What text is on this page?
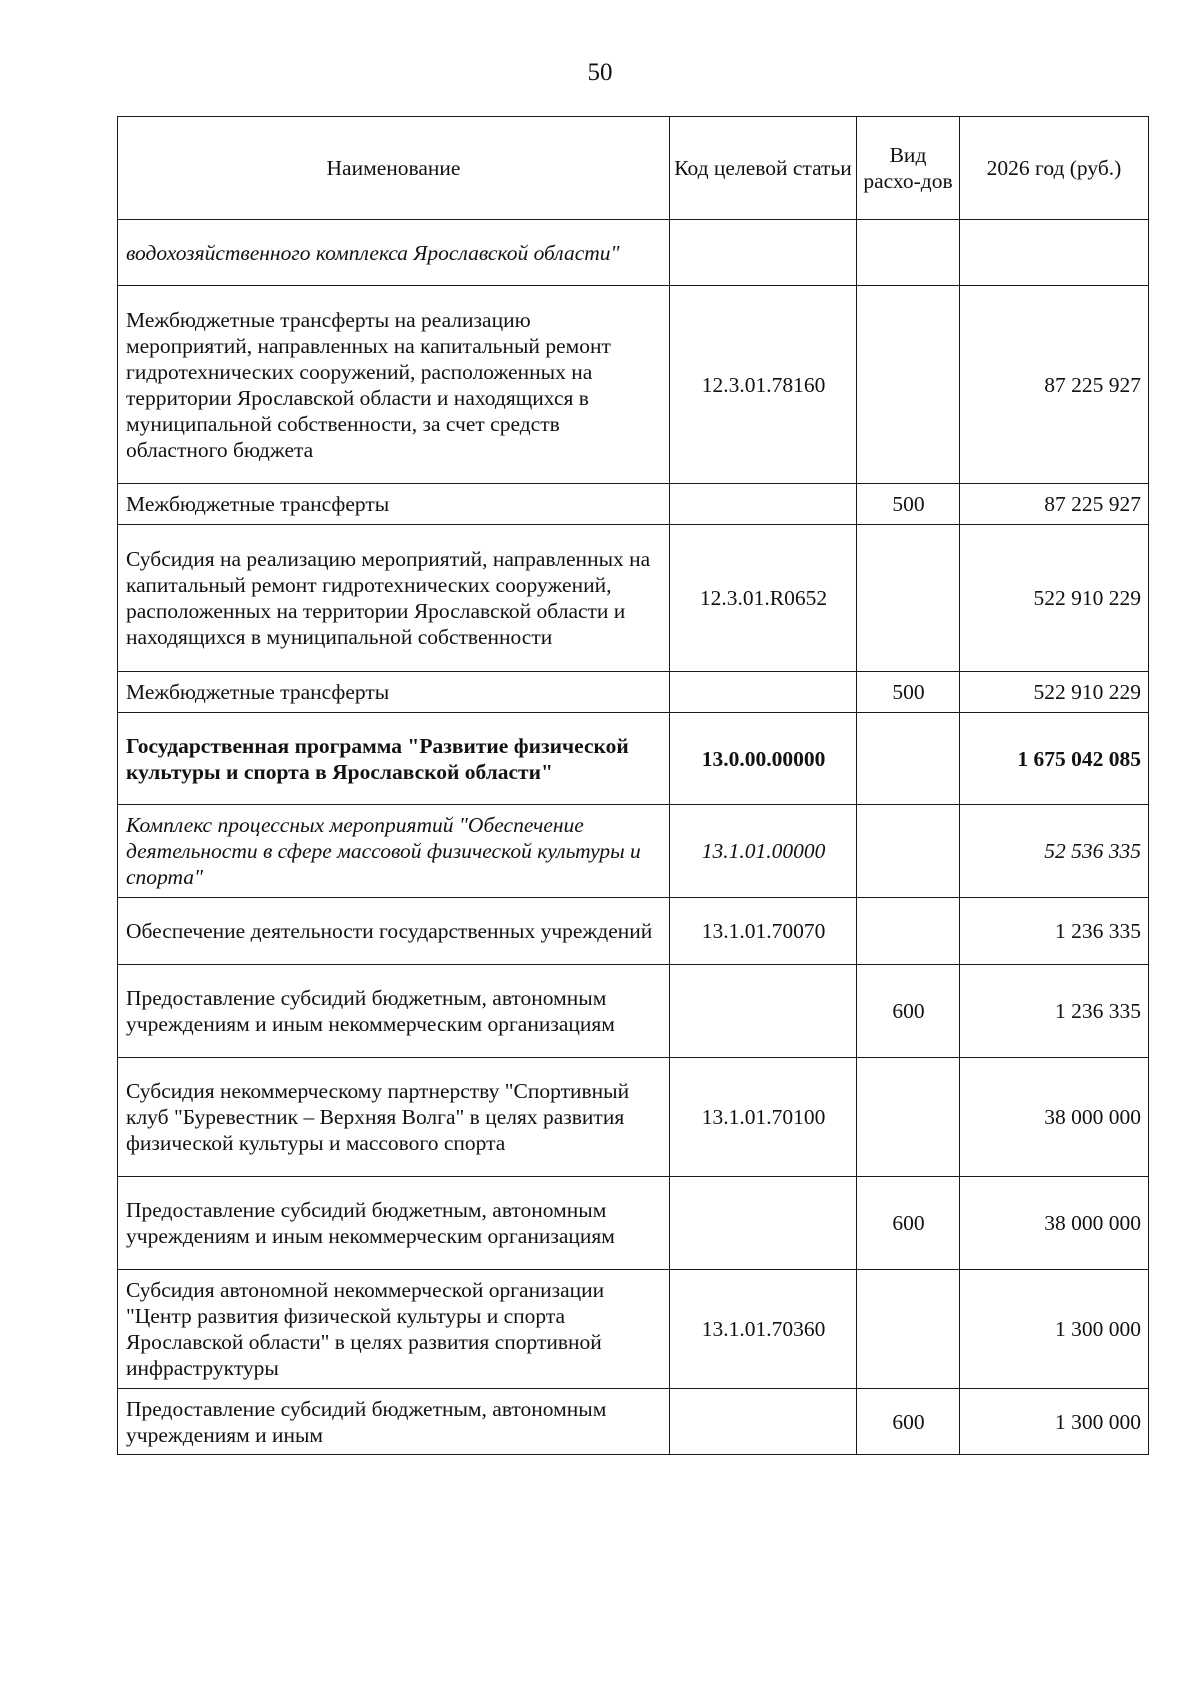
50
Наименование	Код целевой статьи	Вид расхо-дов	2026 год (руб.)
водохозяйственного комплекса Ярославской области"			
Межбюджетные трансферты на реализацию мероприятий, направленных на капитальный ремонт гидротехнических сооружений, расположенных на территории Ярославской области и находящихся в муниципальной собственности, за счет средств областного бюджета	12.3.01.78160		87 225 927
Межбюджетные трансферты		500	87 225 927
Субсидия на реализацию мероприятий, направленных на капитальный ремонт гидротехнических сооружений, расположенных на территории Ярославской области и находящихся в муниципальной собственности	12.3.01.R0652		522 910 229
Межбюджетные трансферты		500	522 910 229
Государственная программа "Развитие физической культуры и спорта в Ярославской области"	13.0.00.00000		1 675 042 085
Комплекс процессных мероприятий "Обеспечение деятельности в сфере массовой физической культуры и спорта"	13.1.01.00000		52 536 335
Обеспечение деятельности государственных учреждений	13.1.01.70070		1 236 335
Предоставление субсидий бюджетным, автономным учреждениям и иным некоммерческим организациям		600	1 236 335
Субсидия некоммерческому партнерству "Спортивный клуб "Буревестник – Верхняя Волга" в целях развития физической культуры и массового спорта	13.1.01.70100		38 000 000
Предоставление субсидий бюджетным, автономным учреждениям и иным некоммерческим организациям		600	38 000 000
Субсидия автономной некоммерческой организации "Центр развития физической культуры и спорта Ярославской области" в целях развития спортивной инфраструктуры	13.1.01.70360		1 300 000
Предоставление субсидий бюджетным, автономным учреждениям и иным		600	1 300 000
